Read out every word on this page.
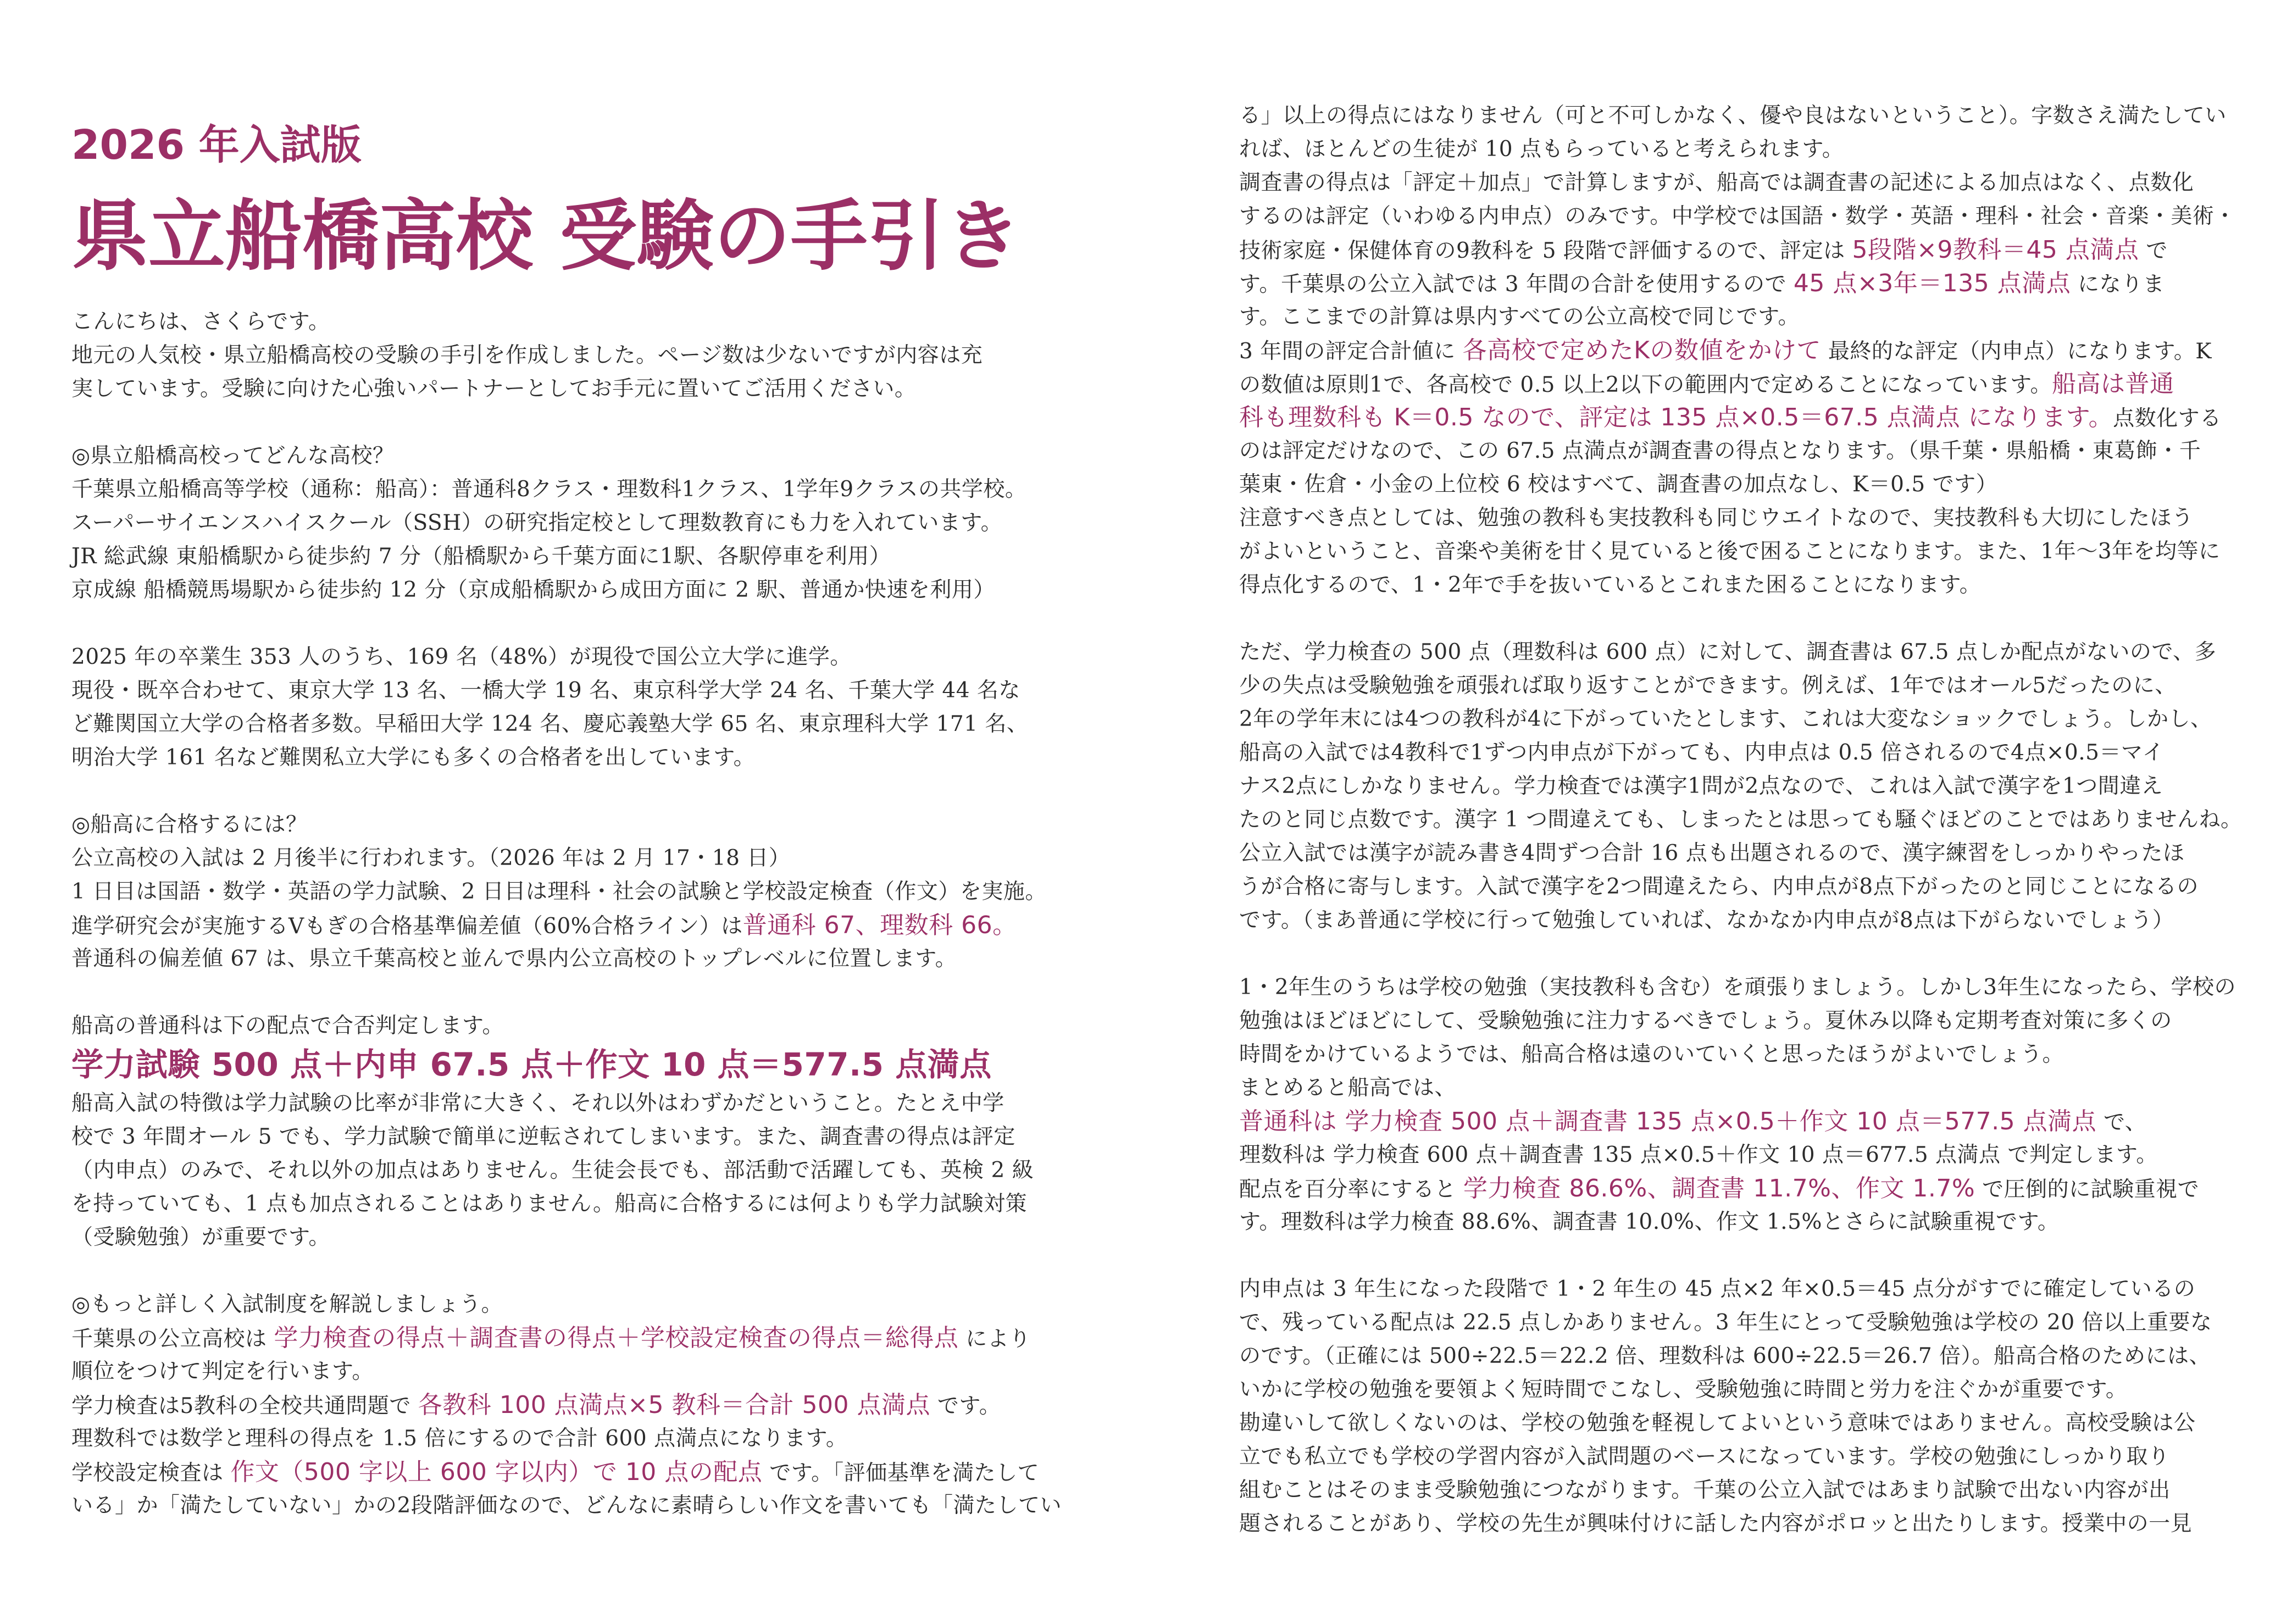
2026 年入試版
県立船橋高校 受験の手引き
こんにちは、さくらです。
地元の人気校・県立船橋高校の受験の手引を作成しました。ページ数は少ないですが内容は充
実しています。受験に向けた心強いパートナーとしてお手元に置いてご活用ください。
◎県立船橋高校ってどんな高校？
千葉県立船橋高等学校（通称：船高）：普通科8クラス・理数科1クラス、1学年9クラスの共学校。
スーパーサイエンスハイスクール（SSH）の研究指定校として理数教育にも力を入れています。
JR 総武線 東船橋駅から徒歩約 7 分（船橋駅から千葉方面に1駅、各駅停車を利用）
京成線 船橋競馬場駅から徒歩約 12 分（京成船橋駅から成田方面に 2 駅、普通か快速を利用）
2025 年の卒業生 353 人のうち、169 名（48%）が現役で国公立大学に進学。
現役・既卒合わせて、東京大学 13 名、一橋大学 19 名、東京科学大学 24 名、千葉大学 44 名な
ど難関国立大学の合格者多数。早稲田大学 124 名、慶応義塾大学 65 名、東京理科大学 171 名、
明治大学 161 名など難関私立大学にも多くの合格者を出しています。
◎船高に合格するには？
公立高校の入試は 2 月後半に行われます。（2026 年は 2 月 17・18 日）
1 日目は国語・数学・英語の学力試験、2 日目は理科・社会の試験と学校設定検査（作文）を実施。
進学研究会が実施するVもぎの合格基準偏差値（60%合格ライン）は普通科 67、理数科 66。
普通科の偏差値 67 は、県立千葉高校と並んで県内公立高校のトップレベルに位置します。
船高の普通科は下の配点で合否判定します。
学力試験 500 点＋内申 67.5 点＋作文 10 点＝577.5 点満点
船高入試の特徴は学力試験の比率が非常に大きく、それ以外はわずかだということ。たとえ中学
校で 3 年間オール 5 でも、学力試験で簡単に逆転されてしまいます。また、調査書の得点は評定
（内申点）のみで、それ以外の加点はありません。生徒会長でも、部活動で活躍しても、英検 2 級
を持っていても、1 点も加点されることはありません。船高に合格するには何よりも学力試験対策
（受験勉強）が重要です。
◎もっと詳しく入試制度を解説しましょう。
千葉県の公立高校は 学力検査の得点＋調査書の得点＋学校設定検査の得点＝総得点 により
順位をつけて判定を行います。
学力検査は5教科の全校共通問題で 各教科 100 点満点×5 教科＝合計 500 点満点 です。
理数科では数学と理科の得点を 1.5 倍にするので合計 600 点満点になります。
学校設定検査は 作文（500 字以上 600 字以内）で 10 点の配点 です。「評価基準を満たして
いる」か「満たしていない」かの2段階評価なので、どんなに素晴らしい作文を書いても「満たしてい
る」以上の得点にはなりません（可と不可しかなく、優や良はないということ）。字数さえ満たしてい
れば、ほとんどの生徒が 10 点もらっていると考えられます。
調査書の得点は「評定＋加点」で計算しますが、船高では調査書の記述による加点はなく、点数化
するのは評定（いわゆる内申点）のみです。中学校では国語・数学・英語・理科・社会・音楽・美術・
技術家庭・保健体育の9教科を 5 段階で評価するので、評定は 5段階×9教科＝45 点満点 で
す。千葉県の公立入試では 3 年間の合計を使用するので 45 点×3年＝135 点満点 になりま
す。ここまでの計算は県内すべての公立高校で同じです。
3 年間の評定合計値に 各高校で定めたKの数値をかけて 最終的な評定（内申点）になります。K
の数値は原則1で、各高校で 0.5 以上2以下の範囲内で定めることになっています。船高は普通
科も理数科も K＝0.5 なので、評定は 135 点×0.5＝67.5 点満点 になります。点数化する
のは評定だけなので、この 67.5 点満点が調査書の得点となります。（県千葉・県船橋・東葛飾・千
葉東・佐倉・小金の上位校 6 校はすべて、調査書の加点なし、K＝0.5 です）
注意すべき点としては、勉強の教科も実技教科も同じウエイトなので、実技教科も大切にしたほう
がよいということ、音楽や美術を甘く見ていると後で困ることになります。また、1年〜3年を均等に
得点化するので、1・2年で手を抜いているとこれまた困ることになります。
ただ、学力検査の 500 点（理数科は 600 点）に対して、調査書は 67.5 点しか配点がないので、多
少の失点は受験勉強を頑張れば取り返すことができます。例えば、1年ではオール5だったのに、
2年の学年末には4つの教科が4に下がっていたとします、これは大変なショックでしょう。しかし、
船高の入試では4教科で1ずつ内申点が下がっても、内申点は 0.5 倍されるので4点×0.5＝マイ
ナス2点にしかなりません。学力検査では漢字1問が2点なので、これは入試で漢字を1つ間違え
たのと同じ点数です。漢字 1 つ間違えても、しまったとは思っても騒ぐほどのことではありませんね。
公立入試では漢字が読み書き4問ずつ合計 16 点も出題されるので、漢字練習をしっかりやったほ
うが合格に寄与します。入試で漢字を2つ間違えたら、内申点が8点下がったのと同じことになるの
です。（まあ普通に学校に行って勉強していれば、なかなか内申点が8点は下がらないでしょう）
1・2年生のうちは学校の勉強（実技教科も含む）を頑張りましょう。しかし3年生になったら、学校の
勉強はほどほどにして、受験勉強に注力するべきでしょう。夏休み以降も定期考査対策に多くの
時間をかけているようでは、船高合格は遠のいていくと思ったほうがよいでしょう。
まとめると船高では、
普通科は 学力検査 500 点＋調査書 135 点×0.5＋作文 10 点＝577.5 点満点 で、
理数科は 学力検査 600 点＋調査書 135 点×0.5＋作文 10 点＝677.5 点満点 で判定します。
配点を百分率にすると 学力検査 86.6%、調査書 11.7%、作文 1.7% で圧倒的に試験重視で
す。理数科は学力検査 88.6%、調査書 10.0%、作文 1.5%とさらに試験重視です。
内申点は 3 年生になった段階で 1・2 年生の 45 点×2 年×0.5＝45 点分がすでに確定しているの
で、残っている配点は 22.5 点しかありません。3 年生にとって受験勉強は学校の 20 倍以上重要な
のです。（正確には 500÷22.5＝22.2 倍、理数科は 600÷22.5＝26.7 倍）。船高合格のためには、
いかに学校の勉強を要領よく短時間でこなし、受験勉強に時間と労力を注ぐかが重要です。
勘違いして欲しくないのは、学校の勉強を軽視してよいという意味ではありません。高校受験は公
立でも私立でも学校の学習内容が入試問題のベースになっています。学校の勉強にしっかり取り
組むことはそのまま受験勉強につながります。千葉の公立入試ではあまり試験で出ない内容が出
題されることがあり、学校の先生が興味付けに話した内容がポロッと出たりします。授業中の一見
